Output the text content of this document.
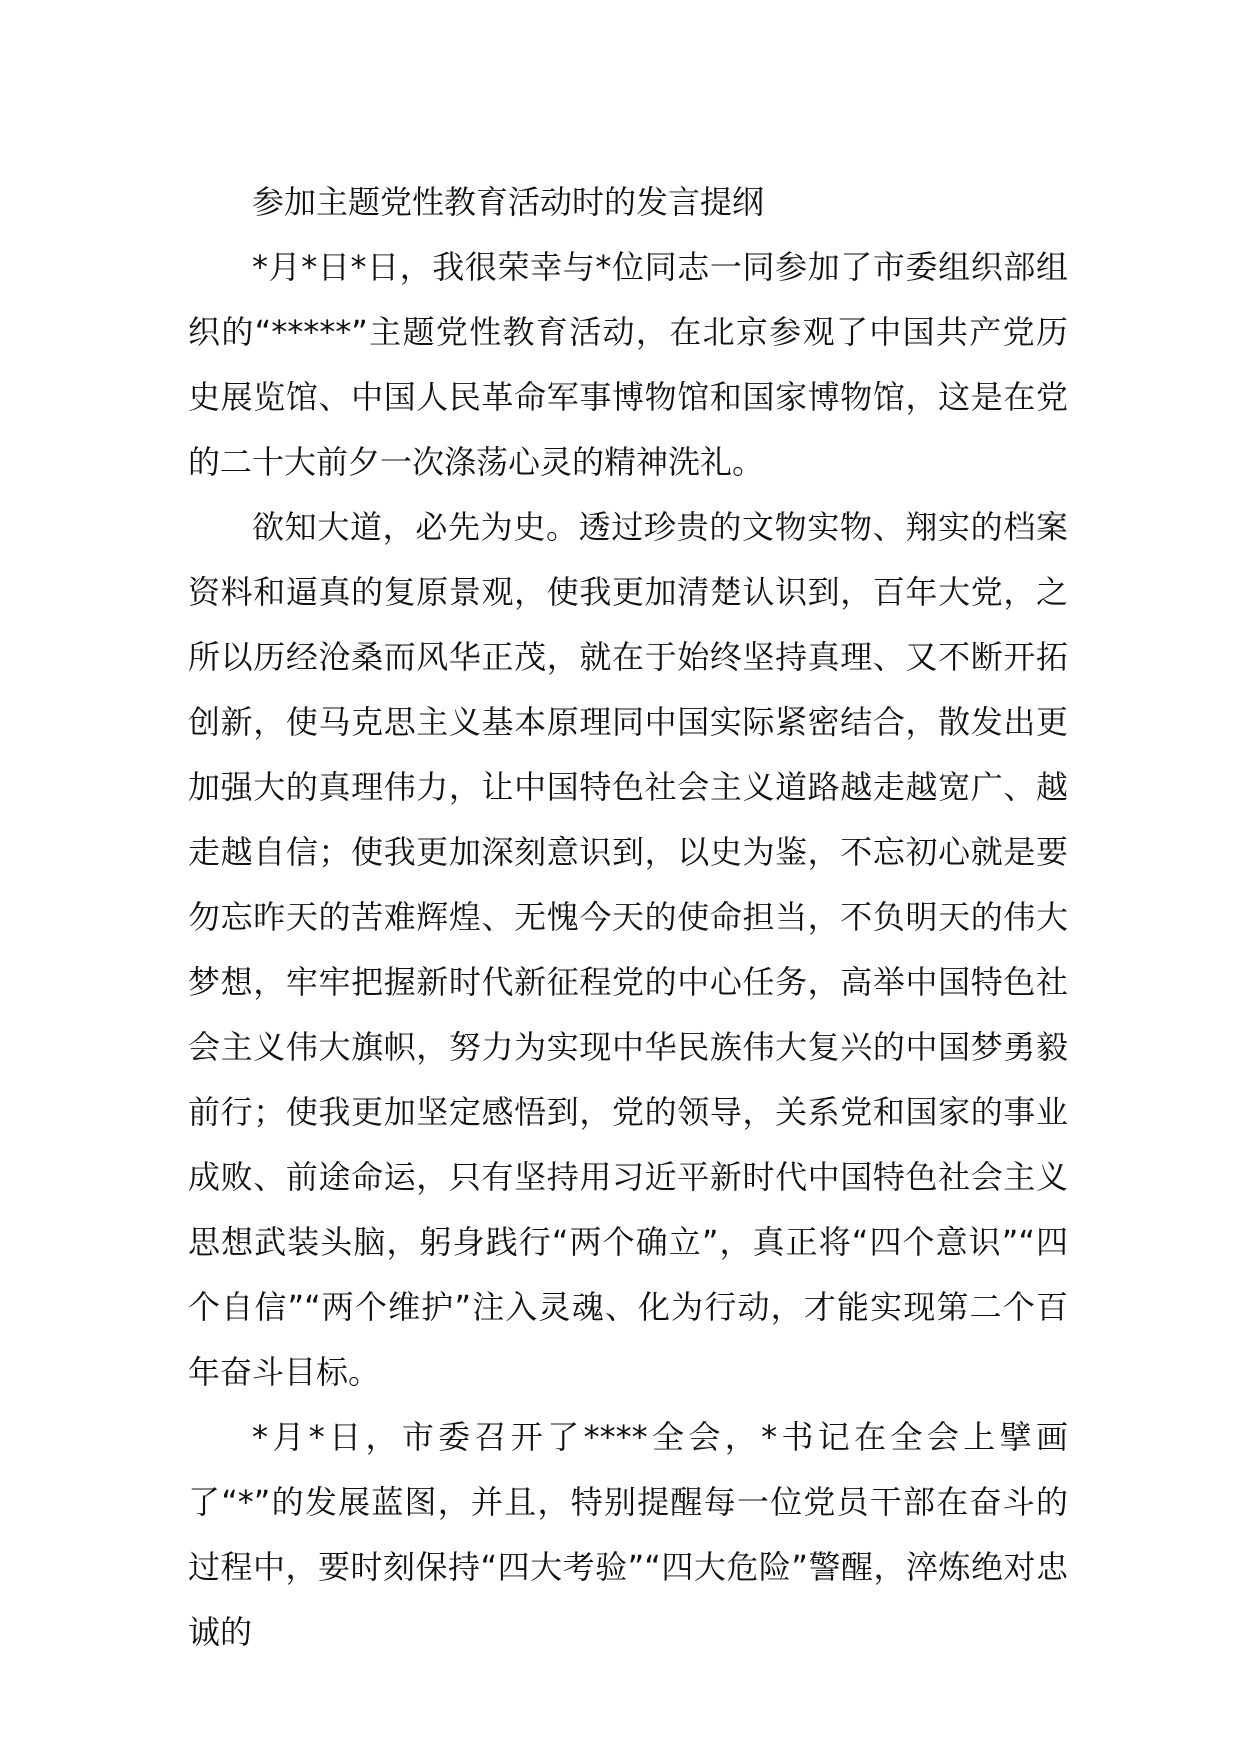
参加主题党性教育活动时的发言提纲

*月*日*日，我很荣幸与*位同志一同参加了市委组织部组织的“*****”主题党性教育活动，在北京参观了中国共产党历史展览馆、中国人民革命军事博物馆和国家博物馆，这是在党的二十大前夕一次涤荡心灵的精神洗礼。

欲知大道，必先为史。透过珍贵的文物实物、翔实的档案资料和逼真的复原景观，使我更加清楚认识到，百年大党，之所以历经沧桑而风华正茂，就在于始终坚持真理、又不断开拓创新，使马克思主义基本原理同中国实际紧密结合，散发出更加强大的真理伟力，让中国特色社会主义道路越走越宽广、越走越自信；使我更加深刻意识到，以史为鉴，不忘初心就是要勿忘昨天的苦难辉煌、无愧今天的使命担当，不负明天的伟大梦想，牢牢把握新时代新征程党的中心任务，高举中国特色社会主义伟大旗帜，努力为实现中华民族伟大复兴的中国梦勇毅前行；使我更加坚定感悟到，党的领导，关系党和国家的事业成败、前途命运，只有坚持用习近平新时代中国特色社会主义思想武装头脑，躬身践行“两个确立”，真正将“四个意识”“四个自信”“两个维护”注入灵魂、化为行动，才能实现第二个百年奋斗目标。

*月*日，市委召开了****全会，*书记在全会上擘画了“*”的发展蓝图，并且，特别提醒每一位党员干部在奋斗的过程中，要时刻保持“四大考验”“四大危险”警醒，淬炼绝对忠诚的
